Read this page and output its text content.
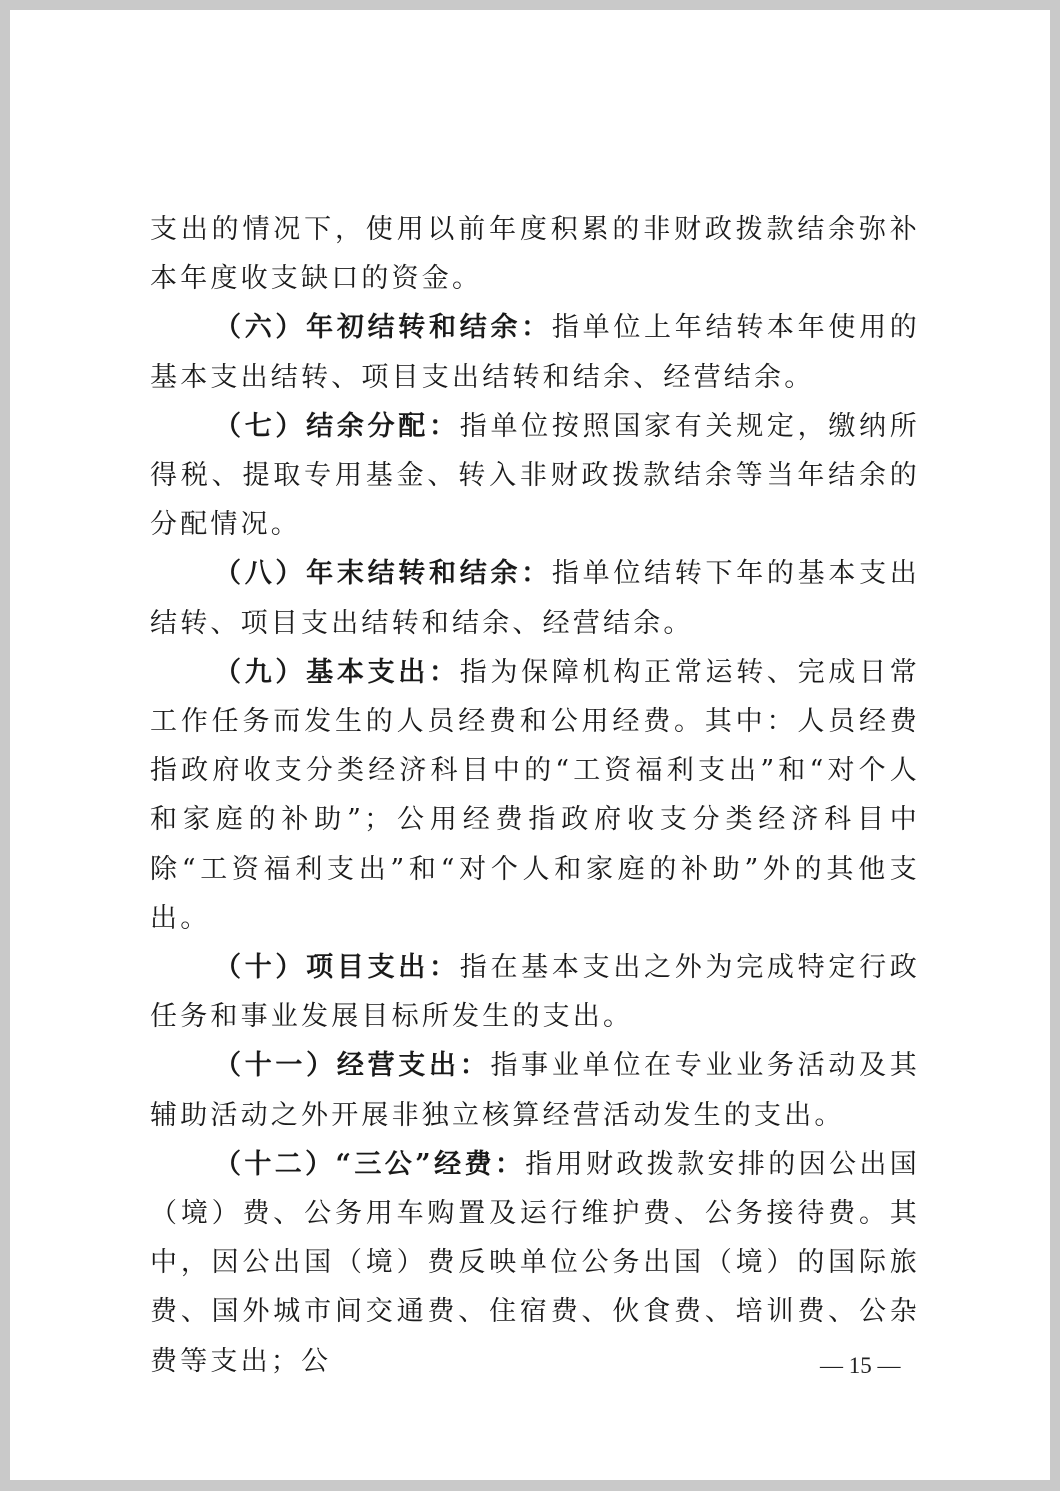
支出的情况下，使用以前年度积累的非财政拨款结余弥补本年度收支缺口的资金。

（六）年初结转和结余：指单位上年结转本年使用的基本支出结转、项目支出结转和结余、经营结余。

（七）结余分配：指单位按照国家有关规定，缴纳所得税、提取专用基金、转入非财政拨款结余等当年结余的分配情况。

（八）年末结转和结余：指单位结转下年的基本支出结转、项目支出结转和结余、经营结余。

（九）基本支出：指为保障机构正常运转、完成日常工作任务而发生的人员经费和公用经费。其中：人员经费指政府收支分类经济科目中的“工资福利支出”和“对个人和家庭的补助”；公用经费指政府收支分类经济科目中除“工资福利支出”和“对个人和家庭的补助”外的其他支出。

（十）项目支出：指在基本支出之外为完成特定行政任务和事业发展目标所发生的支出。

（十一）经营支出：指事业单位在专业业务活动及其辅助活动之外开展非独立核算经营活动发生的支出。

（十二）“三公”经费：指用财政拨款安排的因公出国（境）费、公务用车购置及运行维护费、公务接待费。其中，因公出国（境）费反映单位公务出国（境）的国际旅费、国外城市间交通费、住宿费、伙食费、培训费、公杂费等支出；公	— 15 —
